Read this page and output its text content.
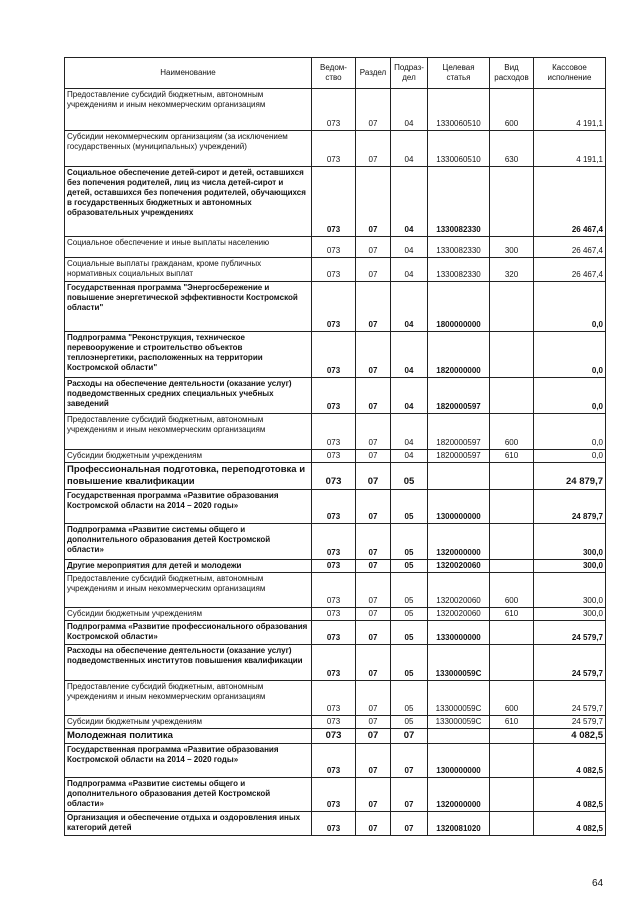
Наименование	Ведом-ство	Раздел	Подраз-дел	Целевая статья	Вид расходов	Кассовое исполнение
Предоставление субсидий бюджетным, автономным учреждениям и иным некоммерческим организациям	073	07	04	1330060510	600	4 191,1
Субсидии некоммерческим организациям (за исключением государственных (муниципальных) учреждений)	073	07	04	1330060510	630	4 191,1
Социальное обеспечение детей-сирот и детей, оставшихся без попечения родителей, лиц из числа детей-сирот и детей, оставшихся без попечения родителей, обучающихся в государственных бюджетных и автономных образовательных учреждениях	073	07	04	1330082330		26 467,4
Социальное обеспечение и иные выплаты населению	073	07	04	1330082330	300	26 467,4
Социальные выплаты гражданам, кроме публичных нормативных социальных выплат	073	07	04	1330082330	320	26 467,4
Государственная программа "Энергосбережение и повышение энергетической эффективности Костромской области"	073	07	04	1800000000		0,0
Подпрограмма "Реконструкция, техническое перевооружение и строительство объектов теплоэнергетики, расположенных на территории Костромской области"	073	07	04	1820000000		0,0
Расходы на обеспечение деятельности (оказание услуг) подведомственных средних специальных учебных заведений	073	07	04	1820000597		0,0
Предоставление субсидий бюджетным, автономным учреждениям и иным некоммерческим организациям	073	07	04	1820000597	600	0,0
Субсидии бюджетным учреждениям	073	07	04	1820000597	610	0,0
Профессиональная подготовка, переподготовка и повышение квалификации	073	07	05			24 879,7
Государственная программа «Развитие образования Костромской области на 2014 – 2020 годы»	073	07	05	1300000000		24 879,7
Подпрограмма «Развитие системы общего и дополнительного образования детей Костромской области»	073	07	05	1320000000		300,0
Другие мероприятия для детей и молодежи	073	07	05	1320020060		300,0
Предоставление субсидий бюджетным, автономным учреждениям и иным некоммерческим организациям	073	07	05	1320020060	600	300,0
Субсидии бюджетным учреждениям	073	07	05	1320020060	610	300,0
Подпрограмма «Развитие профессионального образования Костромской области»	073	07	05	1330000000		24 579,7
Расходы на обеспечение деятельности (оказание услуг) подведомственных институтов повышения квалификации	073	07	05	133000059C		24 579,7
Предоставление субсидий бюджетным, автономным учреждениям и иным некоммерческим организациям	073	07	05	133000059C	600	24 579,7
Субсидии бюджетным учреждениям	073	07	05	133000059C	610	24 579,7
Молодежная политика	073	07	07			4 082,5
Государственная программа «Развитие образования Костромской области на 2014 – 2020 годы»	073	07	07	1300000000		4 082,5
Подпрограмма «Развитие системы общего и дополнительного образования детей Костромской области»	073	07	07	1320000000		4 082,5
Организация и обеспечение отдыха и оздоровления иных категорий детей	073	07	07	1320081020		4 082,5
64
